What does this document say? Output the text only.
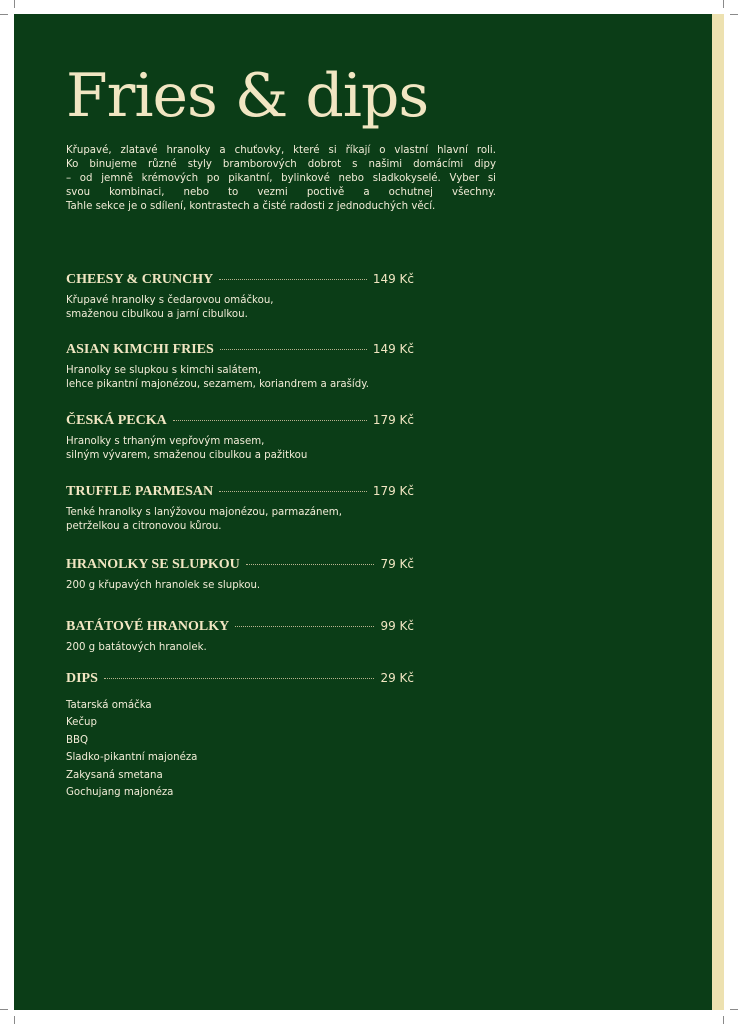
Fries & dips

Křupavé, zlatavé hranolky a chuťovky, které si říkají o vlastní hlavní roli.
Ko binujeme různé styly bramborových dobrot s našimi domácími dipy
– od jemně krémových po pikantní, bylinkové nebo sladkokyselé. Vyber si
svou kombinaci, nebo to vezmi poctivě a ochutnej všechny.
Tahle sekce je o sdílení, kontrastech a čisté radosti z jednoduchých věcí.

CHEESY & CRUNCHY	149 Kč
Křupavé hranolky s čedarovou omáčkou,
smaženou cibulkou a jarní cibulkou.
ASIAN KIMCHI FRIES	149 Kč
Hranolky se slupkou s kimchi salátem,
lehce pikantní majonézou, sezamem, koriandrem a arašídy.
ČESKÁ PECKA	179 Kč
Hranolky s trhaným vepřovým masem,
silným vývarem, smaženou cibulkou a pažitkou
TRUFFLE PARMESAN	179 Kč
Tenké hranolky s lanýžovou majonézou, parmazánem,
petrželkou a citronovou kůrou.
HRANOLKY SE SLUPKOU	79 Kč
200 g křupavých hranolek se slupkou.
BATÁTOVÉ HRANOLKY	99 Kč
200 g batátových hranolek.
DIPS	29 Kč
Tatarská omáčka
Kečup
BBQ
Sladko-pikantní majonéza
Zakysaná smetana
Gochujang majonéza
